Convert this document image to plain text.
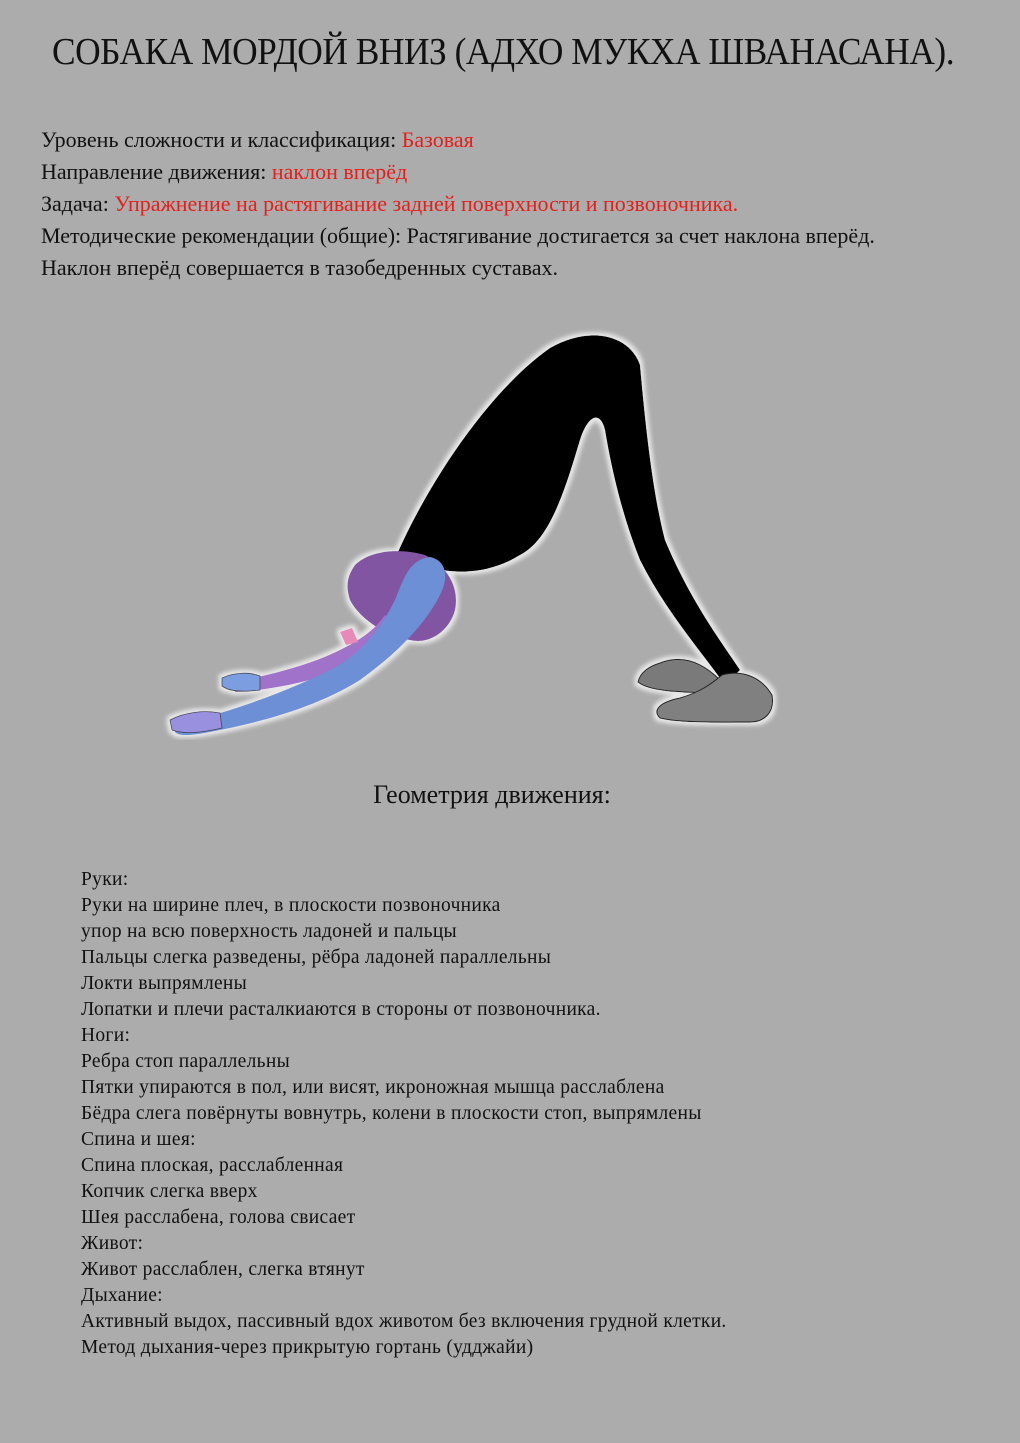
СОБАКА МОРДОЙ ВНИЗ (АДХО МУКХА ШВАНАСАНА).
Уровень сложности и классификация: Базовая
Направление движения: наклон вперёд
Задача: Упражнение на растягивание задней поверхности и позвоночника.
Методические рекомендации (общие): Растягивание достигается за счет наклона вперёд.
Наклон вперёд совершается в тазобедренных суставах.
Геометрия движения:
Руки:
Руки на ширине плеч, в плоскости позвоночника
упор на всю поверхность ладоней и пальцы
Пальцы слегка разведены, рёбра ладоней параллельны
Локти выпрямлены
Лопатки и плечи расталкиаются в стороны от позвоночника.
Ноги:
Ребра стоп параллельны
Пятки упираются в пол, или висят, икроножная мышца расслаблена
Бёдра слега повёрнуты вовнутрь, колени в плоскости стоп, выпрямлены
Спина и шея:
Спина плоская, расслабленная
Копчик слегка вверх
Шея расслабена, голова свисает
Живот:
Живот расслаблен, слегка втянут
Дыхание:
Активный выдох, пассивный вдох животом без включения грудной клетки.
Метод дыхания-через прикрытую гортань (удджайи)
